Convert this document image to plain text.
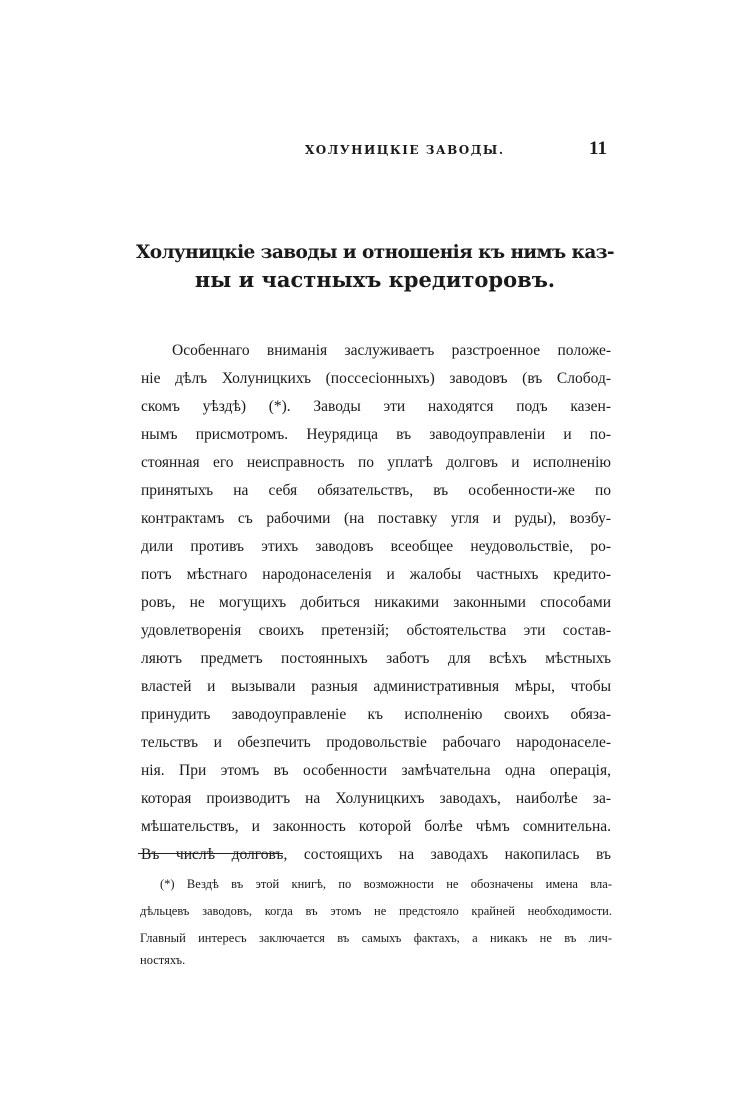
ХОЛУНИЦКІЕ ЗАВОДЫ.	11
Холуницкіе заводы и отношенія къ нимъ каз-
ны и частныхъ кредиторовъ.
Особеннаго вниманія заслуживаетъ разстроенное положе-
ніе дѣлъ Холуницкихъ (поссесіонныхъ) заводовъ (въ Слобод-
скомъ уѣздѣ) (*). Заводы эти находятся подъ казен-
нымъ присмотромъ. Неурядица въ заводоуправленіи и по-
стоянная его неисправность по уплатѣ долговъ и исполненію
принятыхъ на себя обязательствъ, въ особенности-же по
контрактамъ съ рабочими (на поставку угля и руды), возбу-
дили противъ этихъ заводовъ всеобщее неудовольствіе, ро-
потъ мѣстнаго народонаселенія и жалобы частныхъ кредито-
ровъ, не могущихъ добиться никакими законными способами
удовлетворенія своихъ претензій; обстоятельства эти состав-
ляютъ предметъ постоянныхъ заботъ для всѣхъ мѣстныхъ
властей и вызывали разныя административныя мѣры, чтобы
принудить заводоуправленіе къ исполненію своихъ обяза-
тельствъ и обезпечить продовольствіе рабочаго народонаселе-
нія. При этомъ въ особенности замѣчательна одна операція,
которая производитъ на Холуницкихъ заводахъ, наиболѣе за-
мѣшательствъ, и законность которой болѣе чѣмъ сомнительна.
Въ числѣ долговъ, состоящихъ на заводахъ накопилась въ
(*) Вездѣ въ этой книгѣ, по возможности не обозначены имена вла-
дѣльцевъ заводовъ, когда въ этомъ не предстояло крайней необходимости.
Главный интересъ заключается въ самыхъ фактахъ, а никакъ не въ лич-
ностяхъ.
